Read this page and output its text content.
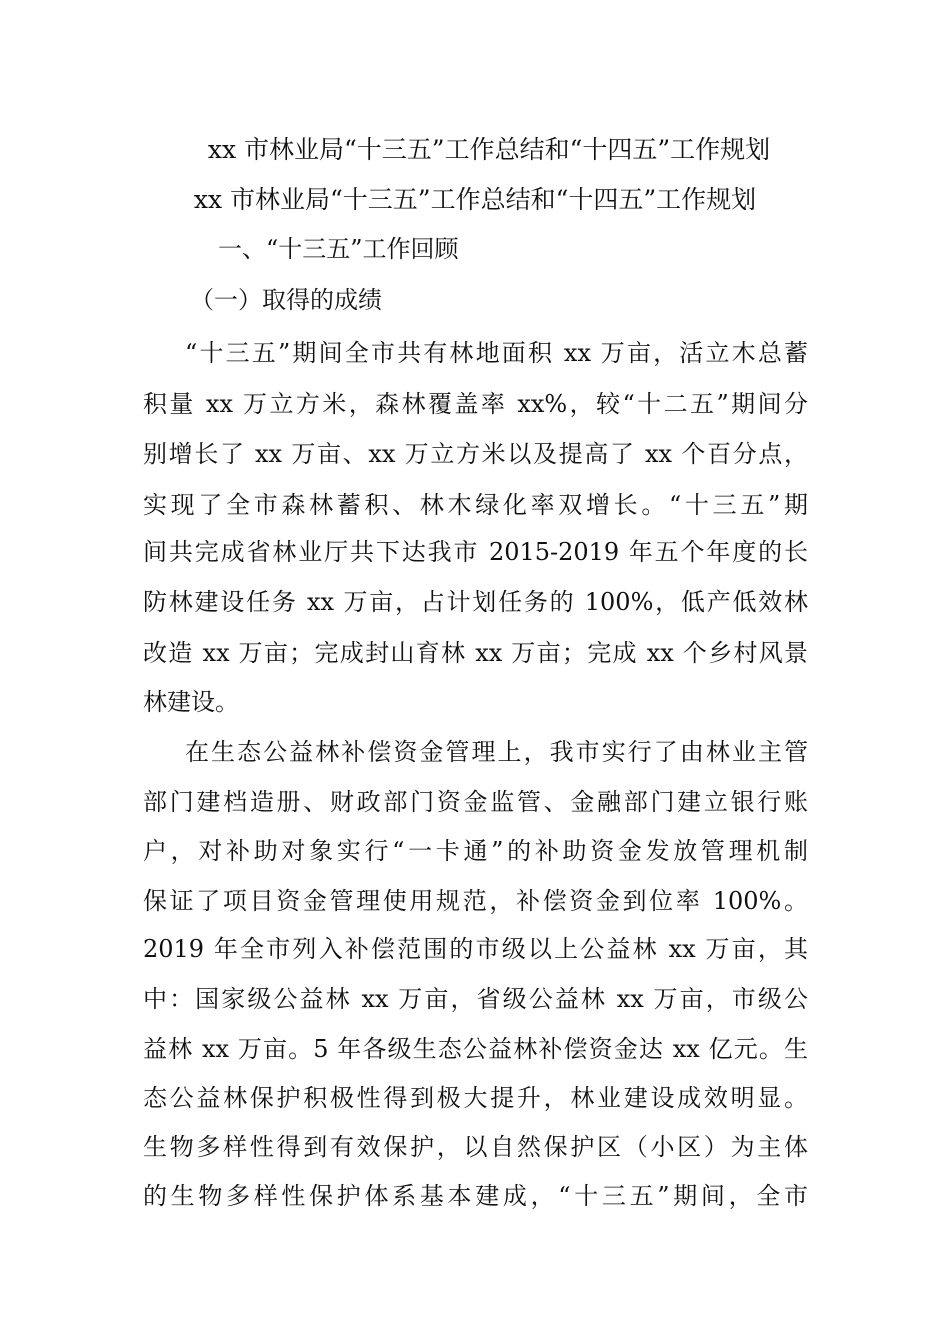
xx 市林业局“十三五”工作总结和“十四五”工作规划
xx 市林业局“十三五”工作总结和“十四五”工作规划
一、“十三五”工作回顾
（一）取得的成绩
“十三五”期间全市共有林地面积 xx 万亩，活立木总蓄
积量 xx 万立方米，森林覆盖率 xx%，较“十二五”期间分
别增长了 xx 万亩、xx 万立方米以及提高了 xx 个百分点，
实现了全市森林蓄积、林木绿化率双增长。“十三五”期
间共完成省林业厅共下达我市 2015-2019 年五个年度的长
防林建设任务 xx 万亩，占计划任务的 100%，低产低效林
改造 xx 万亩；完成封山育林 xx 万亩；完成 xx 个乡村风景
林建设。
在生态公益林补偿资金管理上，我市实行了由林业主管
部门建档造册、财政部门资金监管、金融部门建立银行账
户，对补助对象实行“一卡通”的补助资金发放管理机制
保证了项目资金管理使用规范，补偿资金到位率 100%。
2019 年全市列入补偿范围的市级以上公益林 xx 万亩，其
中：国家级公益林 xx 万亩，省级公益林 xx 万亩，市级公
益林 xx 万亩。5 年各级生态公益林补偿资金达 xx 亿元。生
态公益林保护积极性得到极大提升，林业建设成效明显。
生物多样性得到有效保护，以自然保护区（小区）为主体
的生物多样性保护体系基本建成，“十三五”期间，全市
